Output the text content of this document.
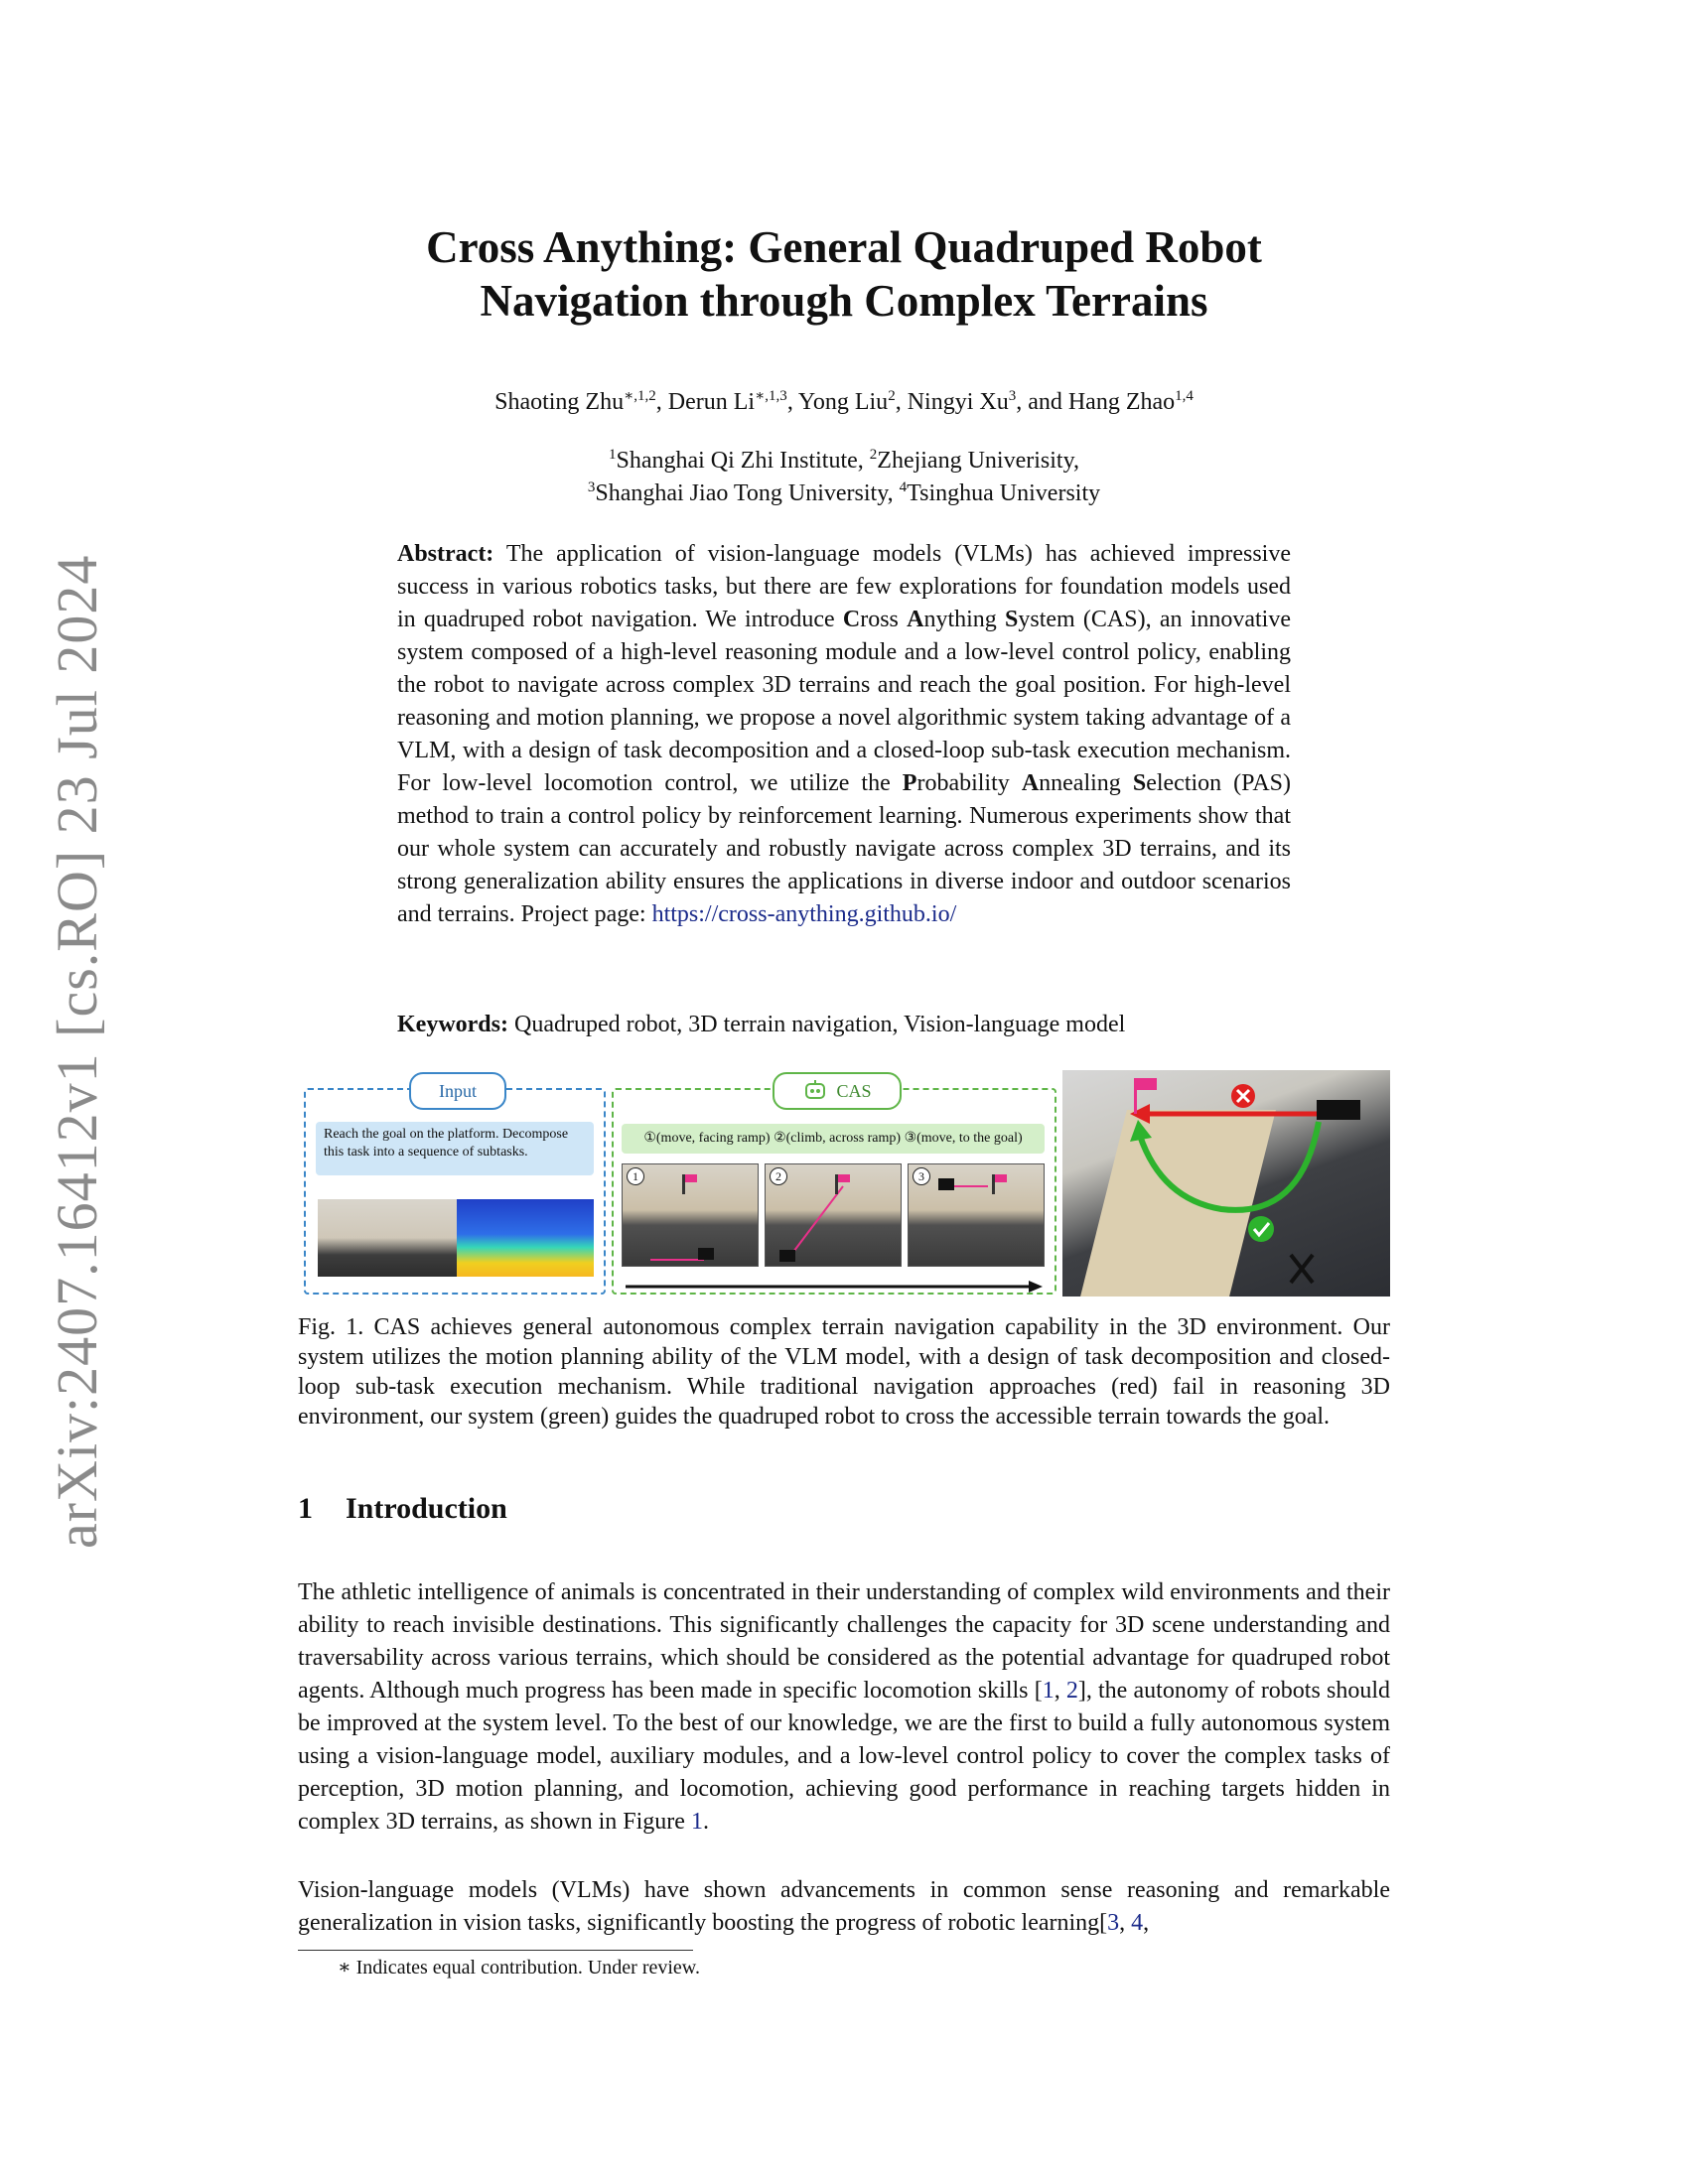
arXiv:2407.16412v1 [cs.RO] 23 Jul 2024
Cross Anything: General Quadruped Robot
Navigation through Complex Terrains
Shaoting Zhu$^{∗,1,2}$, Derun $Li^{∗,1,3}$, Yong Liu$^2$, Ningyi Xu$^3$, and Hang Zhao$^{1,4}$
$^1$Shanghai Qi Zhi Institute, $^2$Zhejiang Univerisity,
$^3$Shanghai Jiao Tong University, $^4$Tsinghua University

Abstract: The application of vision-language models (VLMs) has achieved impressive success in various robotics tasks, but there are few explorations for foundation models used in quadruped robot navigation. We introduce Cross Anything System (CAS), an innovative system composed of a high-level reasoning module and a low-level control policy, enabling the robot to navigate across complex 3D terrains and reach the goal position. For high-level reasoning and motion planning, we propose a novel algorithmic system taking advantage of a VLM, with a design of task decomposition and a closed-loop sub-task execution mechanism. For low-level locomotion control, we utilize the Probability Annealing Selection (PAS) method to train a control policy by reinforcement learning. Numerous experiments show that our whole system can accurately and robustly navigate across complex 3D terrains, and its strong generalization ability ensures the applications in diverse indoor and outdoor scenarios and terrains. Project page: https://cross-anything.github.io/

Keywords: Quadruped robot, 3D terrain navigation, Vision-language model

Input
Reach the goal on the platform. Decompose this task into a sequence of subtasks.
CAS
①(move, facing ramp) ②(climb, across ramp) ③(move, to the goal)
1	2	3

Fig. 1. CAS achieves general autonomous complex terrain navigation capability in the 3D environment. Our system utilizes the motion planning ability of the VLM model, with a design of task decomposition and closed-loop sub-task execution mechanism. While traditional navigation approaches (red) fail in reasoning 3D environment, our system (green) guides the quadruped robot to cross the accessible terrain towards the goal.

1 Introduction

The athletic intelligence of animals is concentrated in their understanding of complex wild environments and their ability to reach invisible destinations. This significantly challenges the capacity for 3D scene understanding and traversability across various terrains, which should be considered as the potential advantage for quadruped robot agents. Although much progress has been made in specific locomotion skills [1, 2], the autonomy of robots should be improved at the system level. To the best of our knowledge, we are the first to build a fully autonomous system using a vision-language model, auxiliary modules, and a low-level control policy to cover the complex tasks of perception, 3D motion planning, and locomotion, achieving good performance in reaching targets hidden in complex 3D terrains, as shown in Figure 1.

Vision-language models (VLMs) have shown advancements in common sense reasoning and remarkable generalization in vision tasks, significantly boosting the progress of robotic learning[3, 4,

∗ Indicates equal contribution. Under review.
